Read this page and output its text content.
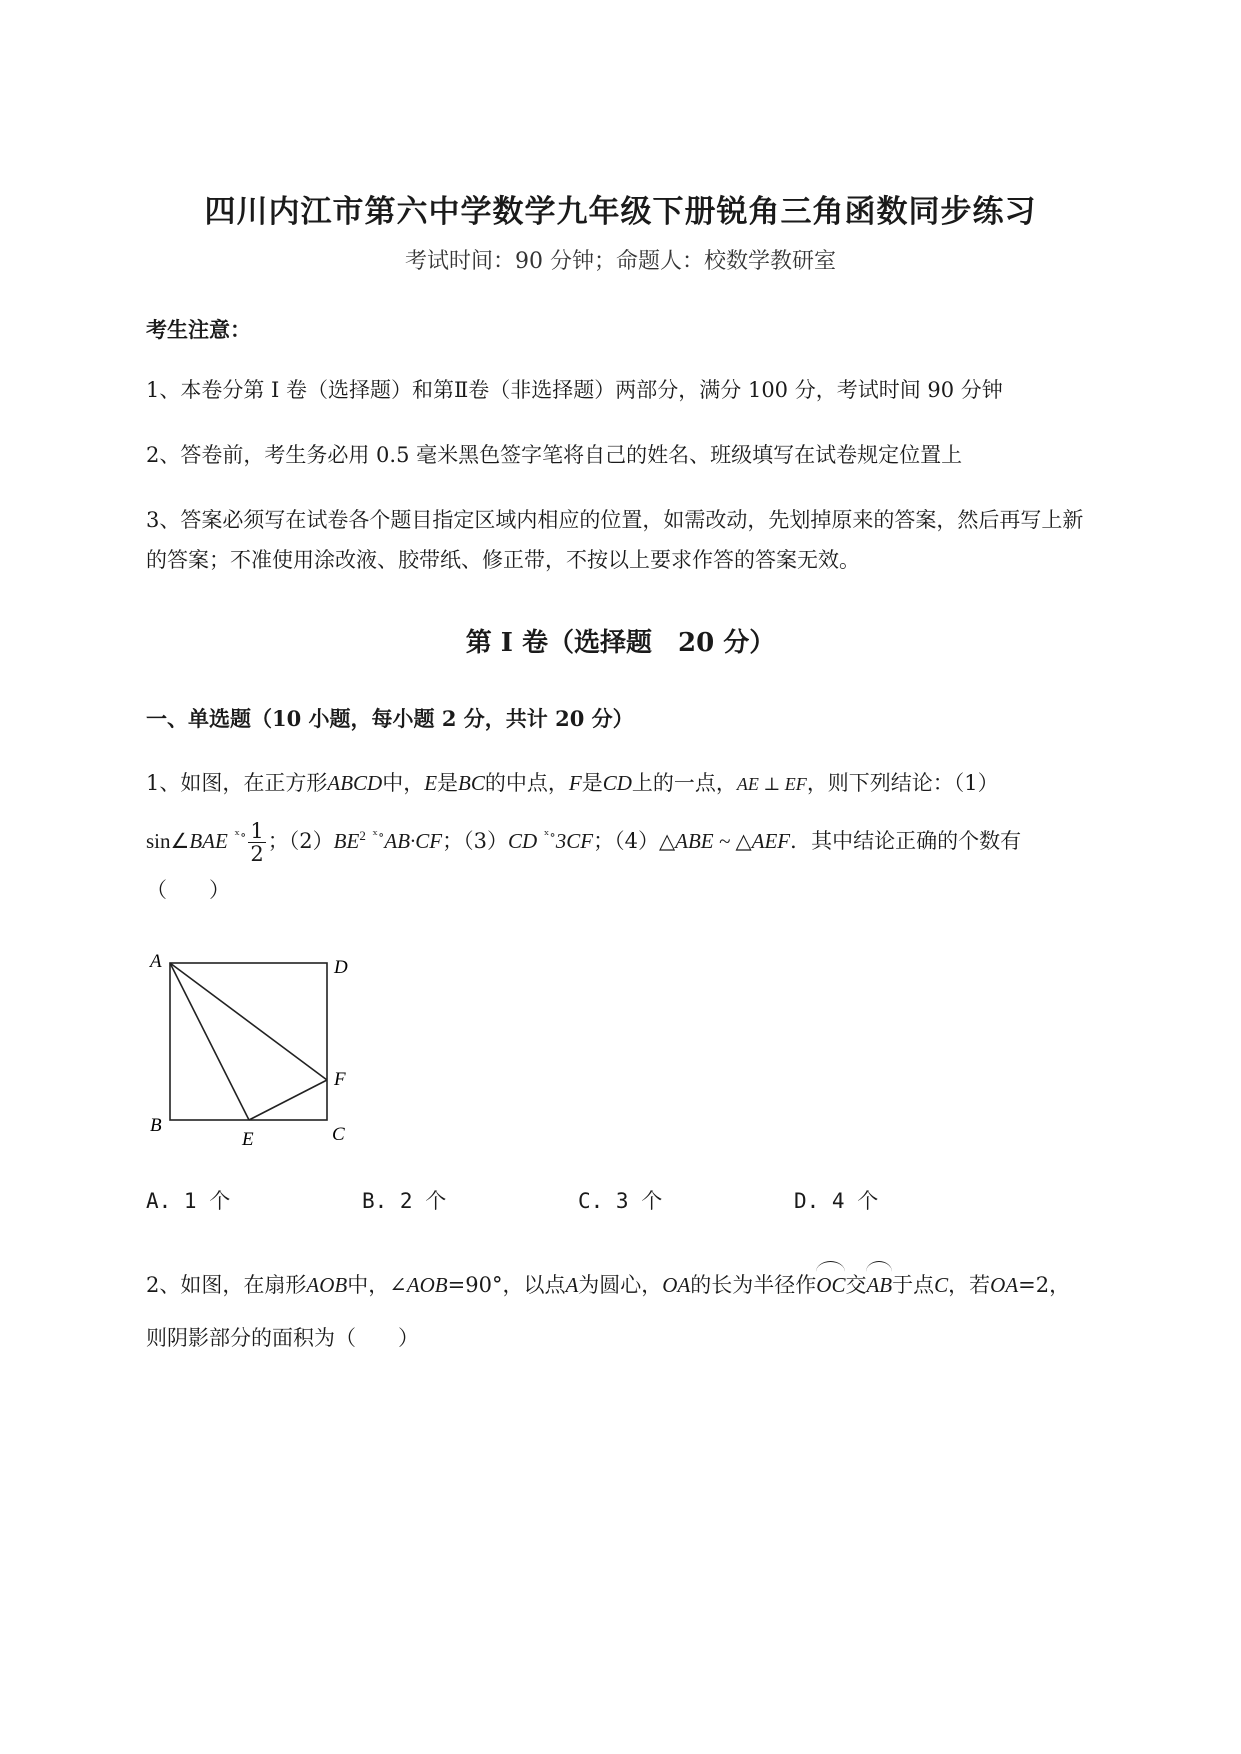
四川内江市第六中学数学九年级下册锐角三角函数同步练习
考试时间：90 分钟；命题人：校数学教研室
考生注意：
1、本卷分第 I 卷（选择题）和第Ⅱ卷（非选择题）两部分，满分 100 分，考试时间 90 分钟
2、答卷前，考生务必用 0.5 毫米黑色签字笔将自己的姓名、班级填写在试卷规定位置上
3、答案必须写在试卷各个题目指定区域内相应的位置，如需改动，先划掉原来的答案，然后再写上新
的答案；不准使用涂改液、胶带纸、修正带，不按以上要求作答的答案无效。
第 I 卷（选择题　20 分）
一、单选题（10 小题，每小题 2 分，共计 20 分）
1、如图，在正方形ABCD中，E是BC的中点，F是CD上的一点，AE ⊥ EF，则下列结论：（1）
sin∠BAE $^{ˣ\circ} \frac{1}{2}$ ；$(2)BE^2$ $^{ˣ\circ}$AB·CF；（3）CD $^{ˣ\circ}$3CF；（4）△ABE ~ △AEF．其中结论正确的个数有
（　　）
A	D
B
E	C
F
A. 1 个	B. 2 个	C. 3 个	D. 4 个
2、如图，在扇形AOB中，∠AOB=90°，以点A为圆心，OA的长为半径作OC交AB于点C，若OA=2，
则阴影部分的面积为（　　）
